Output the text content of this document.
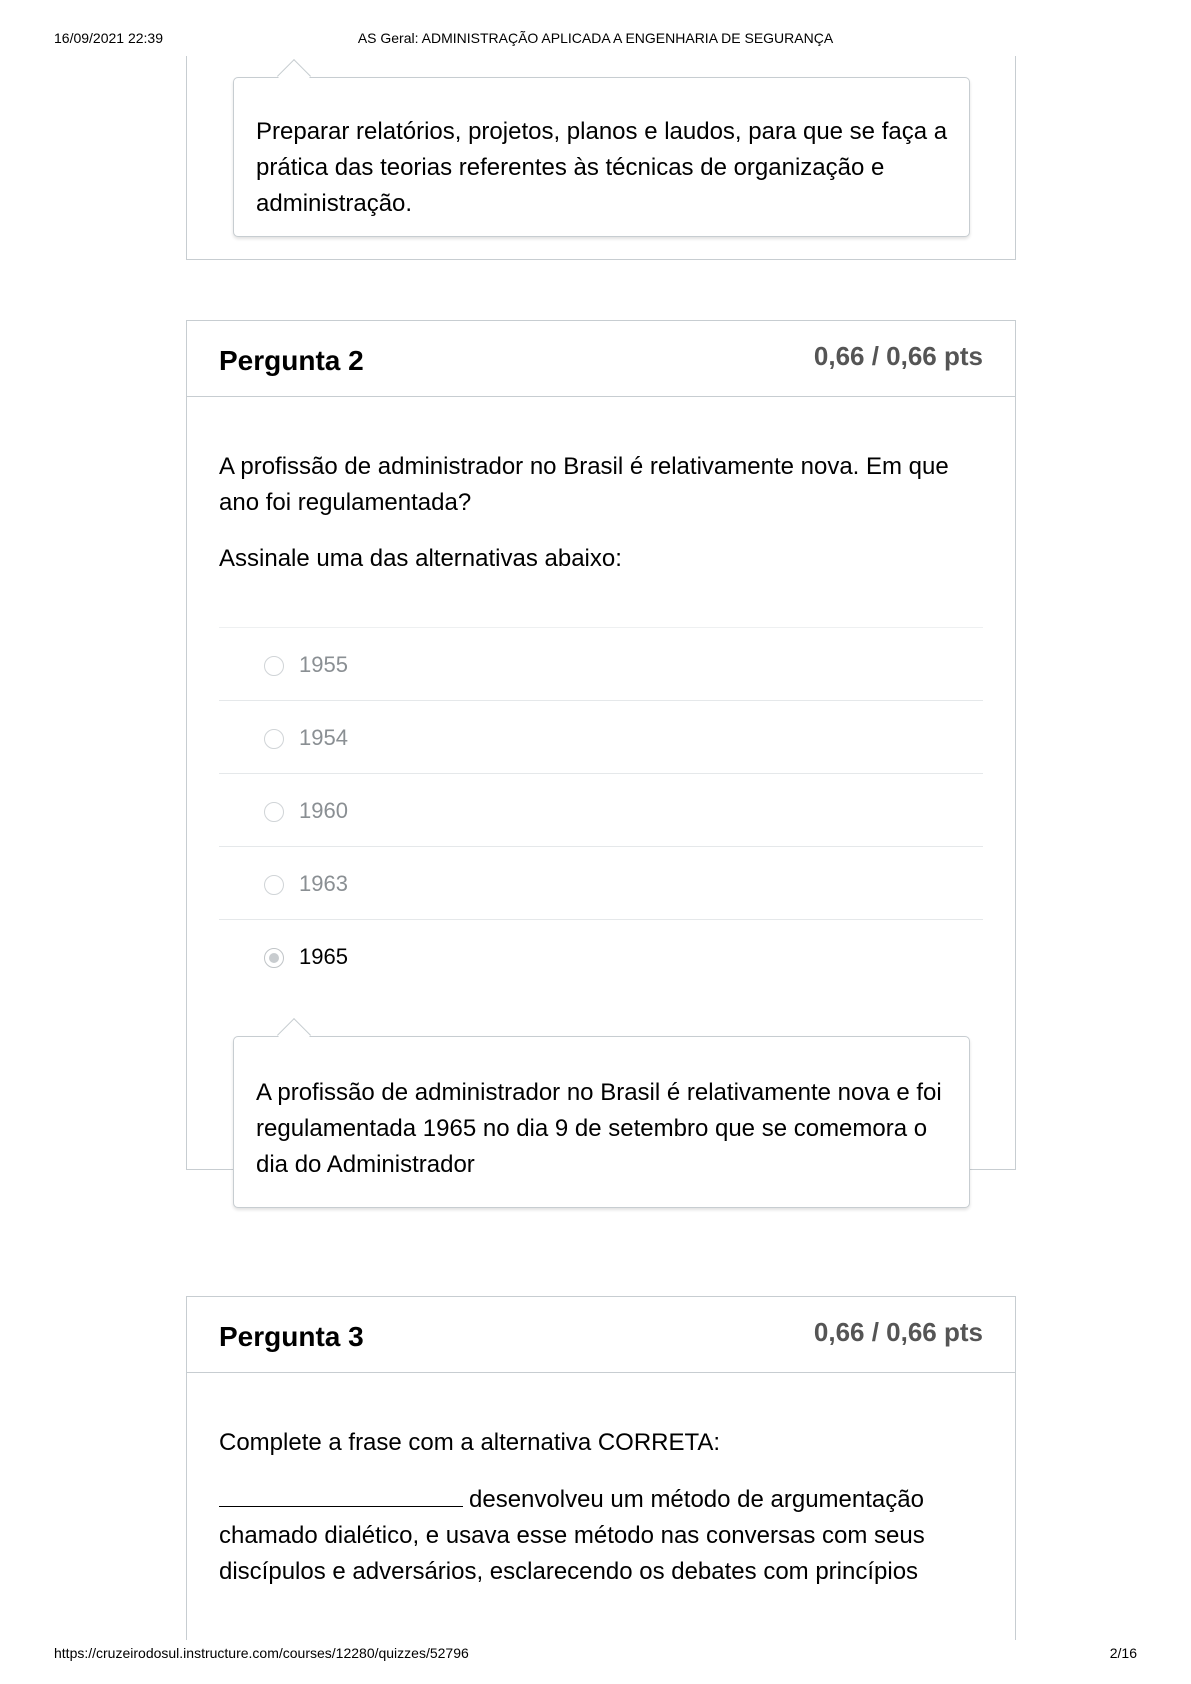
16/09/2021 22:39	AS Geral: ADMINISTRAÇÃO APLICADA A ENGENHARIA DE SEGURANÇA
Preparar relatórios, projetos, planos e laudos, para que se faça a prática das teorias referentes às técnicas de organização e administração.
Pergunta 2	0,66 / 0,66 pts
A profissão de administrador no Brasil é relativamente nova. Em que ano foi regulamentada?
Assinale uma das alternativas abaixo:
1955
1954
1960
1963
1965
A profissão de administrador no Brasil é relativamente nova e foi regulamentada 1965 no dia 9 de setembro que se comemora o dia do Administrador
Pergunta 3	0,66 / 0,66 pts
Complete a frase com a alternativa CORRETA:
desenvolveu um método de argumentação
chamado dialético, e usava esse método nas conversas com seus discípulos e adversários, esclarecendo os debates com princípios
https://cruzeirodosul.instructure.com/courses/12280/quizzes/52796	2/16
